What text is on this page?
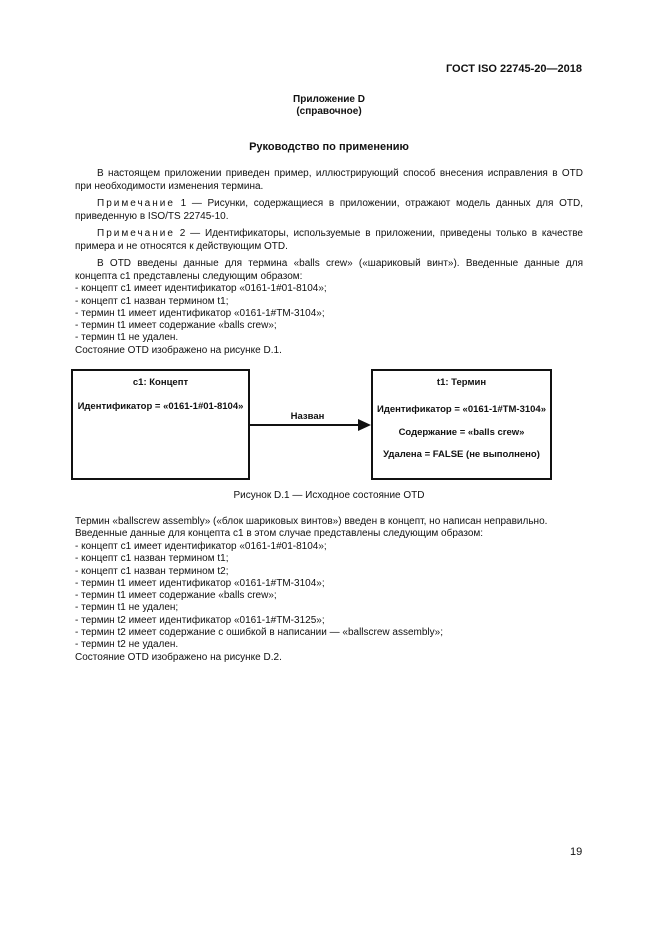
ГОСТ ISO 22745-20—2018
Приложение D
(справочное)
Руководство по применению
В настоящем приложении приведен пример, иллюстрирующий способ внесения исправления в OTD при необходимости изменения термина.
Примечание 1 — Рисунки, содержащиеся в приложении, отражают модель данных для OTD, приведенную в ISO/TS 22745-10.
Примечание 2 — Идентификаторы, используемые в приложении, приведены только в качестве примера и не относятся к действующим OTD.
В OTD введены данные для термина «balls crew» («шариковый винт»). Введенные данные для концепта с1 представлены следующим образом:
- концепт с1 имеет идентификатор «0161-1#01-8104»;
- концепт с1 назван термином t1;
- термин t1 имеет идентификатор «0161-1#TM-3104»;
- термин t1 имеет содержание «balls crew»;
- термин t1 не удален.
Состояние OTD изображено на рисунке D.1.
c1: Концепт
Идентификатор = «0161-1#01-8104»
Назван
t1: Термин
Идентификатор = «0161-1#TM-3104»
Содержание = «balls crew»
Удалена = FALSE (не выполнено)
Рисунок D.1 — Исходное состояние OTD
Термин «ballscrew assembly» («блок шариковых винтов») введен в концепт, но написан неправильно.
Введенные данные для концепта с1 в этом случае представлены следующим образом:
- концепт с1 имеет идентификатор «0161-1#01-8104»;
- концепт с1 назван термином t1;
- концепт с1 назван термином t2;
- термин t1 имеет идентификатор «0161-1#TM-3104»;
- термин t1 имеет содержание «balls crew»;
- термин t1 не удален;
- термин t2 имеет идентификатор «0161-1#TM-3125»;
- термин t2 имеет содержание с ошибкой в написании — «ballscrew assembly»;
- термин t2 не удален.
Состояние OTD изображено на рисунке D.2.
19
